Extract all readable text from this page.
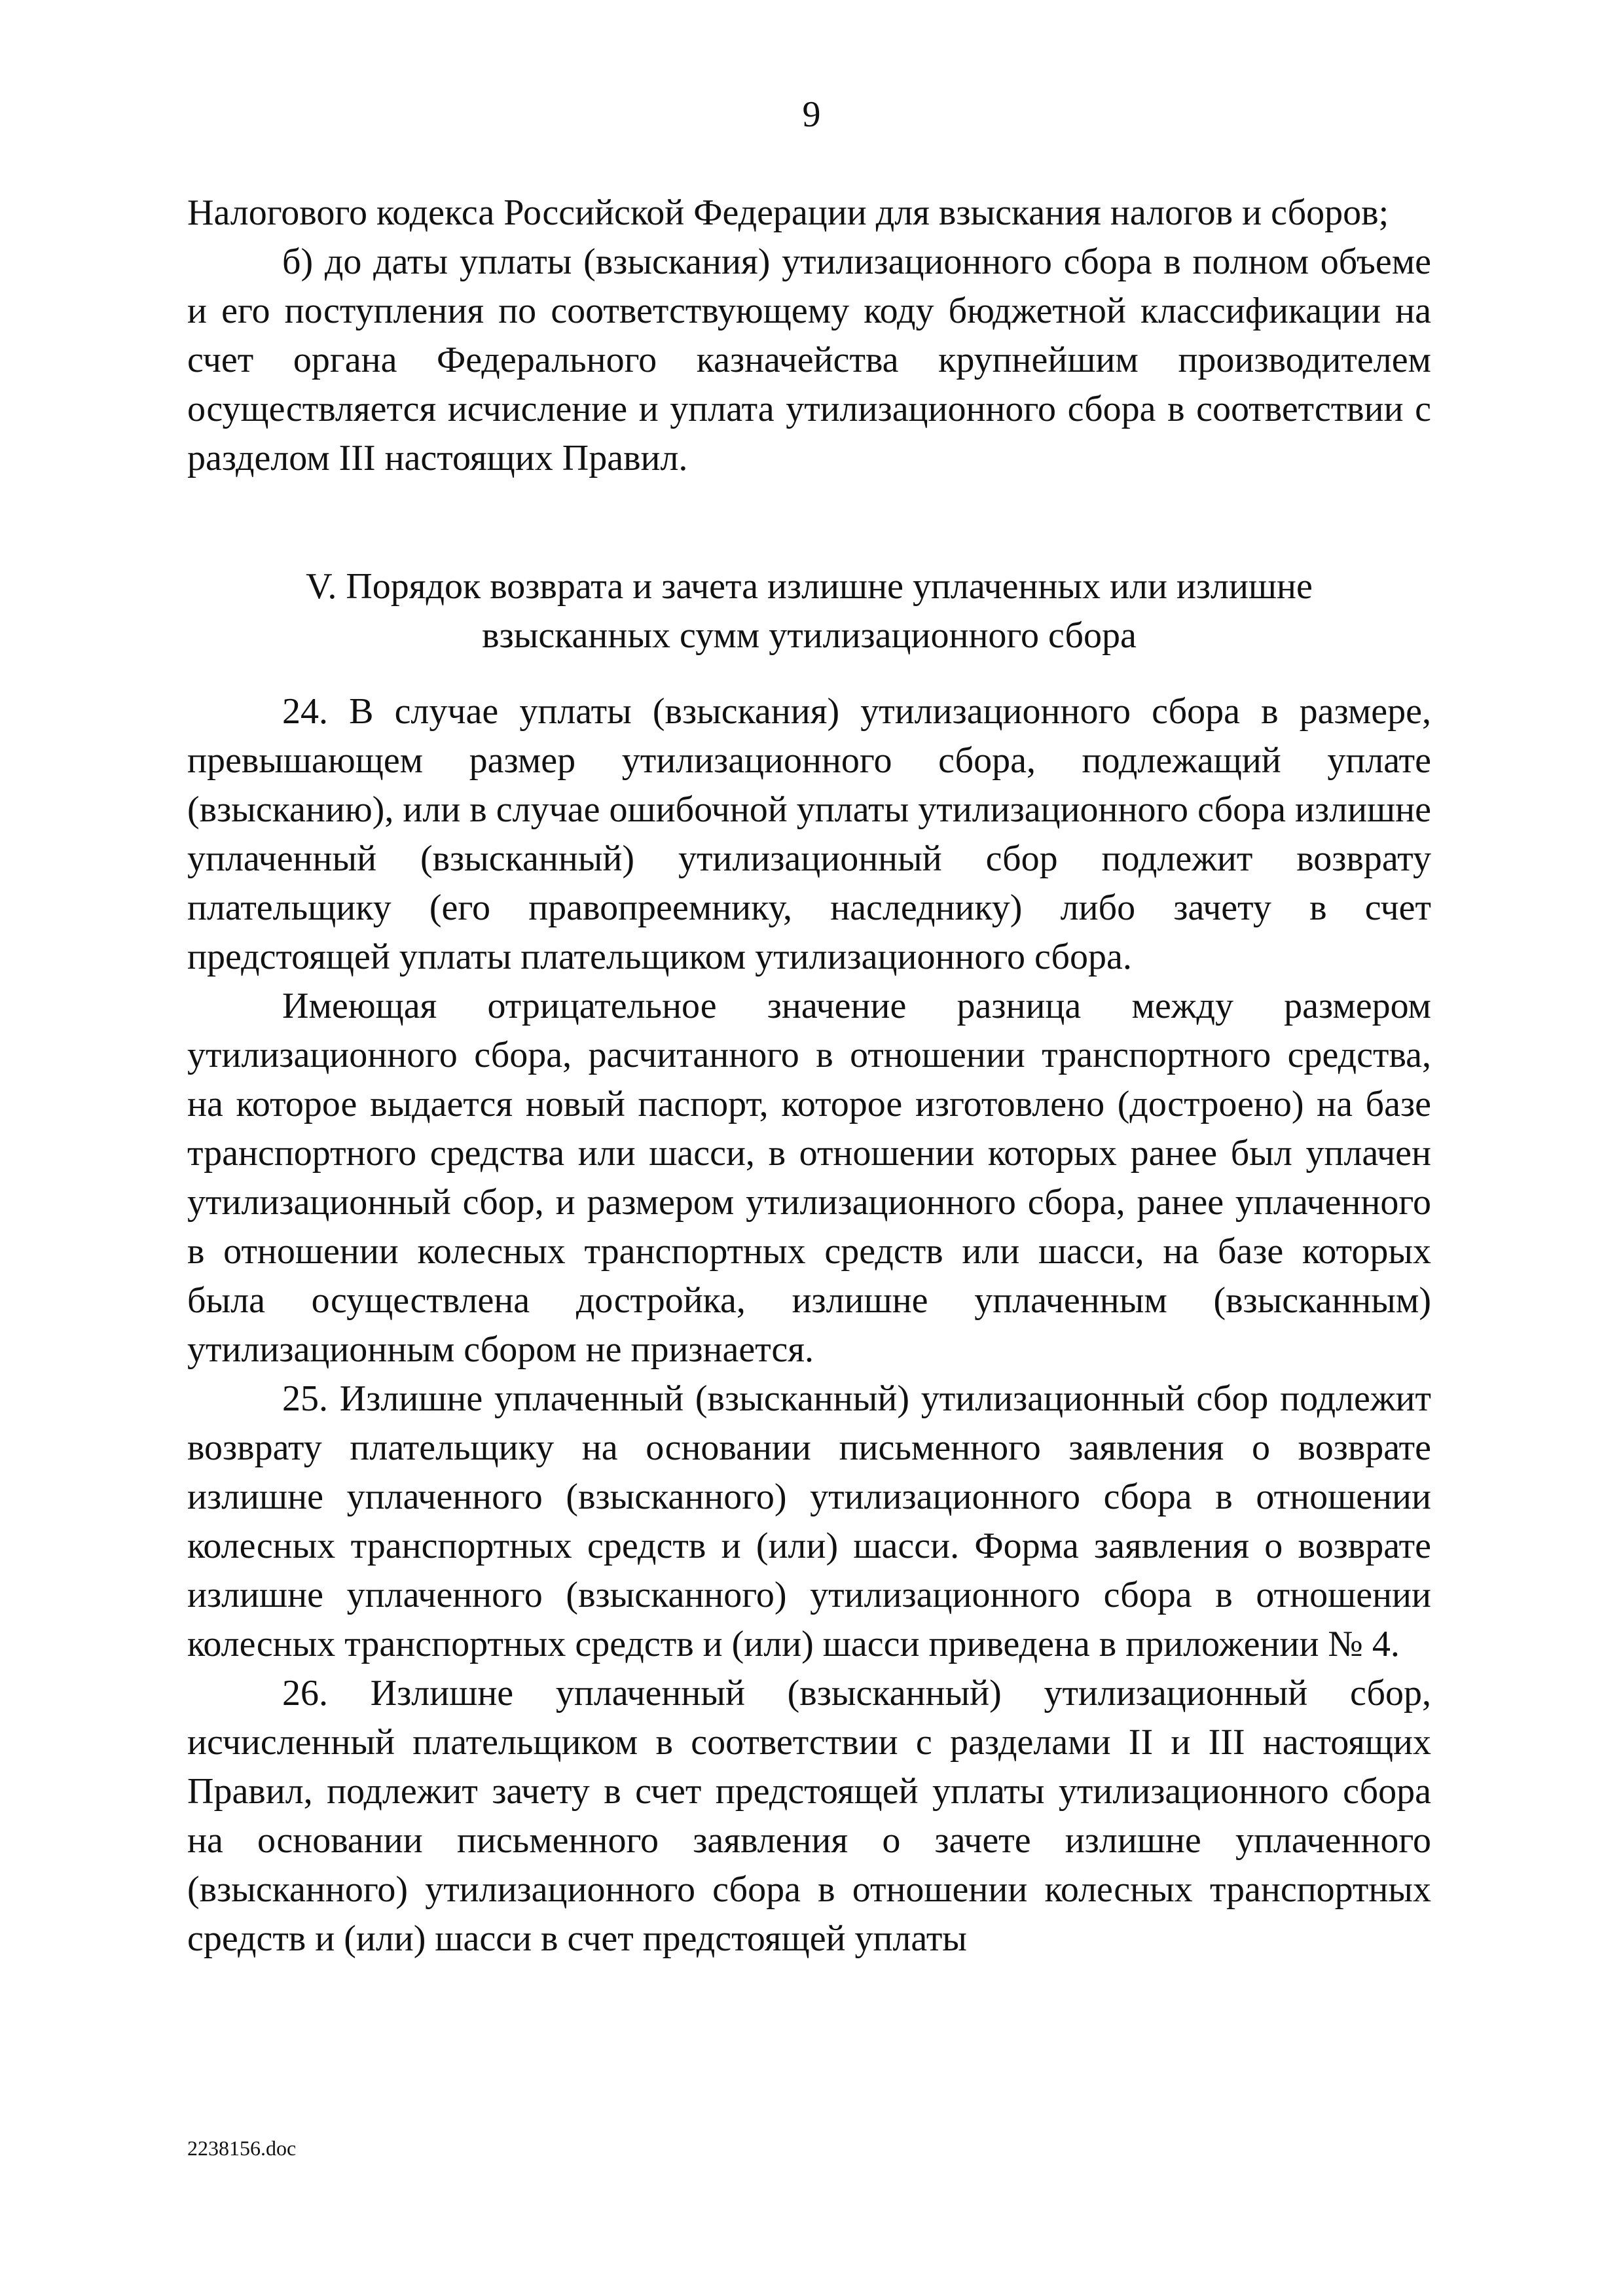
9

Налогового кодекса Российской Федерации для взыскания налогов и сборов;

б) до даты уплаты (взыскания) утилизационного сбора в полном объеме и его поступления по соответствующему коду бюджетной классификации на счет органа Федерального казначейства крупнейшим производителем осуществляется исчисление и уплата утилизационного сбора в соответствии с разделом III настоящих Правил.

V. Порядок возврата и зачета излишне уплаченных или излишне
взысканных сумм утилизационного сбора

24. В случае уплаты (взыскания) утилизационного сбора в размере, превышающем размер утилизационного сбора, подлежащий уплате (взысканию), или в случае ошибочной уплаты утилизационного сбора излишне уплаченный (взысканный) утилизационный сбор подлежит возврату плательщику (его правопреемнику, наследнику) либо зачету в счет предстоящей уплаты плательщиком утилизационного сбора.

Имеющая отрицательное значение разница между размером утилизационного сбора, расчитанного в отношении транспортного средства, на которое выдается новый паспорт, которое изготовлено (достроено) на базе транспортного средства или шасси, в отношении которых ранее был уплачен утилизационный сбор, и размером утилизационного сбора, ранее уплаченного в отношении колесных транспортных средств или шасси, на базе которых была осуществлена достройка, излишне уплаченным (взысканным) утилизационным сбором не признается.

25. Излишне уплаченный (взысканный) утилизационный сбор подлежит возврату плательщику на основании письменного заявления о возврате излишне уплаченного (взысканного) утилизационного сбора в отношении колесных транспортных средств и (или) шасси. Форма заявления о возврате излишне уплаченного (взысканного) утилизационного сбора в отношении колесных транспортных средств и (или) шасси приведена в приложении № 4.

26. Излишне уплаченный (взысканный) утилизационный сбор, исчисленный плательщиком в соответствии с разделами II и III настоящих Правил, подлежит зачету в счет предстоящей уплаты утилизационного сбора на основании письменного заявления о зачете излишне уплаченного (взысканного) утилизационного сбора в отношении колесных транспортных средств и (или) шасси в счет предстоящей уплаты

2238156.doc
